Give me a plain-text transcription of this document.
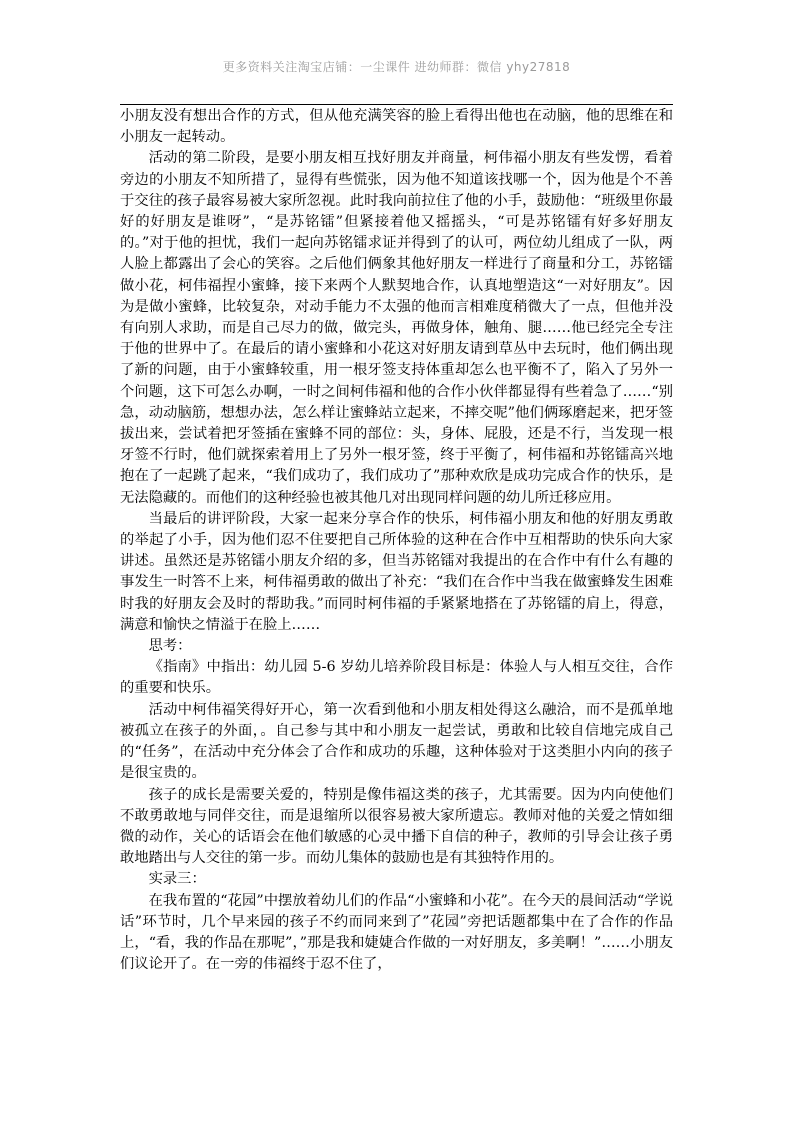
更多资料关注淘宝店铺：一尘课件 进幼师群：微信 yhy27818

小朋友没有想出合作的方式，但从他充满笑容的脸上看得出他也在动脑，他的思维在和小朋友一起转动。

活动的第二阶段，是要小朋友相互找好朋友并商量，柯伟福小朋友有些发愣，看着旁边的小朋友不知所措了，显得有些慌张，因为他不知道该找哪一个，因为他是个不善于交往的孩子最容易被大家所忽视。此时我向前拉住了他的小手，鼓励他：“班级里你最好的好朋友是谁呀”，“是苏铭镭”但紧接着他又摇摇头，“可是苏铭镭有好多好朋友的。”对于他的担忧，我们一起向苏铭镭求证并得到了的认可，两位幼儿组成了一队，两人脸上都露出了会心的笑容。之后他们俩象其他好朋友一样进行了商量和分工，苏铭镭做小花，柯伟福捏小蜜蜂，接下来两个人默契地合作，认真地塑造这“一对好朋友”。因为是做小蜜蜂，比较复杂，对动手能力不太强的他而言相难度稍微大了一点，但他并没有向别人求助，而是自己尽力的做，做完头，再做身体，触角、腿……他已经完全专注于他的世界中了。在最后的请小蜜蜂和小花这对好朋友请到草丛中去玩时，他们俩出现了新的问题，由于小蜜蜂较重，用一根牙签支持体重却怎么也平衡不了，陷入了另外一个问题，这下可怎么办啊，一时之间柯伟福和他的合作小伙伴都显得有些着急了……“别急，动动脑筋，想想办法，怎么样让蜜蜂站立起来，不摔交呢”他们俩琢磨起来，把牙签拔出来，尝试着把牙签插在蜜蜂不同的部位：头，身体、屁股，还是不行，当发现一根牙签不行时，他们就探索着用上了另外一根牙签，终于平衡了，柯伟福和苏铭镭高兴地抱在了一起跳了起来，“我们成功了，我们成功了”那种欢欣是成功完成合作的快乐，是无法隐藏的。而他们的这种经验也被其他几对出现同样问题的幼儿所迁移应用。

当最后的讲评阶段，大家一起来分享合作的快乐，柯伟福小朋友和他的好朋友勇敢的举起了小手，因为他们忍不住要把自己所体验的这种在合作中互相帮助的快乐向大家讲述。虽然还是苏铭镭小朋友介绍的多，但当苏铭镭对我提出的在合作中有什么有趣的事发生一时答不上来，柯伟福勇敢的做出了补充：“我们在合作中当我在做蜜蜂发生困难时我的好朋友会及时的帮助我。”而同时柯伟福的手紧紧地搭在了苏铭镭的肩上，得意，满意和愉快之情溢于在脸上……

思考：

《指南》中指出：幼儿园 5-6 岁幼儿培养阶段目标是：体验人与人相互交往，合作的重要和快乐。

活动中柯伟福笑得好开心，第一次看到他和小朋友相处得这么融洽，而不是孤单地被孤立在孩子的外面，。自己参与其中和小朋友一起尝试，勇敢和比较自信地完成自己的“任务”，在活动中充分体会了合作和成功的乐趣，这种体验对于这类胆小内向的孩子是很宝贵的。

孩子的成长是需要关爱的，特别是像伟福这类的孩子，尤其需要。因为内向使他们不敢勇敢地与同伴交往，而是退缩所以很容易被大家所遗忘。教师对他的关爱之情如细微的动作，关心的话语会在他们敏感的心灵中播下自信的种子，教师的引导会让孩子勇敢地踏出与人交往的第一步。而幼儿集体的鼓励也是有其独特作用的。

实录三：

在我布置的“花园”中摆放着幼儿们的作品“小蜜蜂和小花”。在今天的晨间活动“学说话”环节时，几个早来园的孩子不约而同来到了”花园”旁把话题都集中在了合作的作品上，“看，我的作品在那呢”，”那是我和婕婕合作做的一对好朋友，多美啊！”……小朋友们议论开了。在一旁的伟福终于忍不住了，
